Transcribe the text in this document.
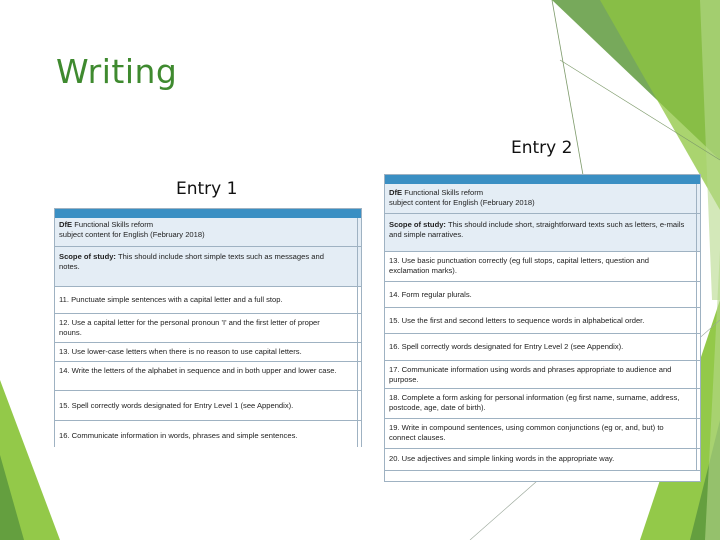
Writing
Entry 2
Entry 1
DfE Functional Skills reform
subject content for English (February 2018)
Scope of study: This should include short simple texts such as messages and notes.
11. Punctuate simple sentences with a capital letter and a full stop.
12. Use a capital letter for the personal pronoun 'I' and the first letter of proper nouns.
13. Use lower-case letters when there is no reason to use capital letters.
14. Write the letters of the alphabet in sequence and in both upper and lower case.
15. Spell correctly words designated for Entry Level 1 (see Appendix).
16. Communicate information in words, phrases and simple sentences.
DfE Functional Skills reform
subject content for English (February 2018)
Scope of study: This should include short, straightforward texts such as letters, e-mails and simple narratives.
13. Use basic punctuation correctly (eg full stops, capital letters, question and exclamation marks).
14. Form regular plurals.
15. Use the first and second letters to sequence words in alphabetical order.
16. Spell correctly words designated for Entry Level 2 (see Appendix).
17. Communicate information using words and phrases appropriate to audience and purpose.
18. Complete a form asking for personal information (eg first name, surname, address, postcode, age, date of birth).
19. Write in compound sentences, using common conjunctions (eg or, and, but) to connect clauses.
20. Use adjectives and simple linking words in the appropriate way.
